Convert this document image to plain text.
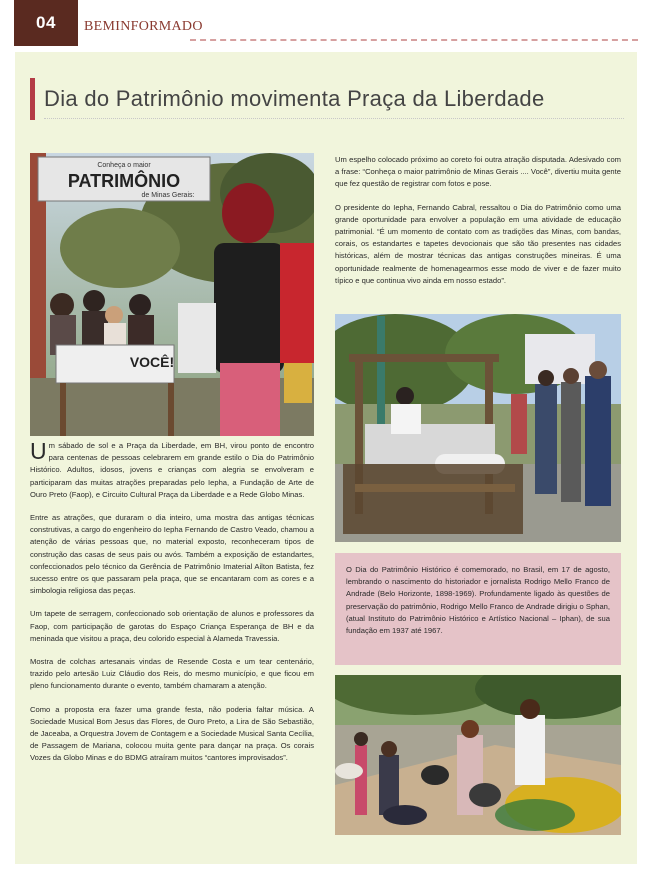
04	BEMINFORMADO
Dia do Patrimônio movimenta Praça da Liberdade
Conheça o maior
PATRIMÔNIO
de Minas Gerais:
VOCÊ!

Um sábado de sol e a Praça da Liberdade, em BH, virou ponto de encontro para centenas de pessoas celebrarem em grande estilo o Dia do Patrimônio Histórico. Adultos, idosos, jovens e crianças com alegria se envolveram e participaram das muitas atrações preparadas pelo Iepha, a Fundação de Arte de Ouro Preto (Faop), e Circuito Cultural Praça da Liberdade e a Rede Globo Minas.

Entre as atrações, que duraram o dia inteiro, uma mostra das antigas técnicas construtivas, a cargo do engenheiro do Iepha Fernando de Castro Veado, chamou a atenção de várias pessoas que, no material exposto, reconheceram tipos de construção das casas de seus pais ou avós. Também a exposição de estandartes, confeccionados pelo técnico da Gerência de Patrimônio Imaterial Ailton Batista, fez sucesso entre os que passaram pela praça, que se encantaram com as cores e a simbologia religiosa das peças.

Um tapete de serragem, confeccionado sob orientação de alunos e professores da Faop, com participação de garotas do Espaço Criança Esperança de BH e da meninada que visitou a praça, deu colorido especial à Alameda Travessia.

Mostra de colchas artesanais vindas de Resende Costa e um tear centenário, trazido pelo artesão Luiz Cláudio dos Reis, do mesmo município, e que ficou em pleno funcionamento durante o evento, também chamaram a atenção.

Como a proposta era fazer uma grande festa, não poderia faltar música. A Sociedade Musical Bom Jesus das Flores, de Ouro Preto, a Lira de São Sebastião, de Jaceaba, a Orquestra Jovem de Contagem e a Sociedade Musical Santa Cecília, de Passagem de Mariana, colocou muita gente para dançar na praça. Os corais Vozes da Globo Minas e do BDMG atraíram muitos “cantores improvisados”.

Um espelho colocado próximo ao coreto foi outra atração disputada. Adesivado com a frase: “Conheça o maior patrimônio de Minas Gerais .... Você”, divertiu muita gente que fez questão de registrar com fotos e pose.

O presidente do Iepha, Fernando Cabral, ressaltou o Dia do Patrimônio como uma grande oportunidade para envolver a população em uma atividade de educação patrimonial. “É um momento de contato com as tradições das Minas, com bandas, corais, os estandartes e tapetes devocionais que são tão presentes nas cidades históricas, além de mostrar técnicas das antigas construções mineiras. É uma oportunidade realmente de homenagearmos esse modo de viver e de fazer muito típico e que continua vivo ainda em nosso estado”.

O Dia do Patrimônio Histórico é comemorado, no Brasil, em 17 de agosto, lembrando o nascimento do historiador e jornalista Rodrigo Mello Franco de Andrade (Belo Horizonte, 1898-1969). Profundamente ligado às questões de preservação do patrimônio, Rodrigo Mello Franco de Andrade dirigiu o Sphan, (atual Instituto do Patrimônio Histórico e Artístico Nacional – Iphan), de sua fundação em 1937 até 1967.
